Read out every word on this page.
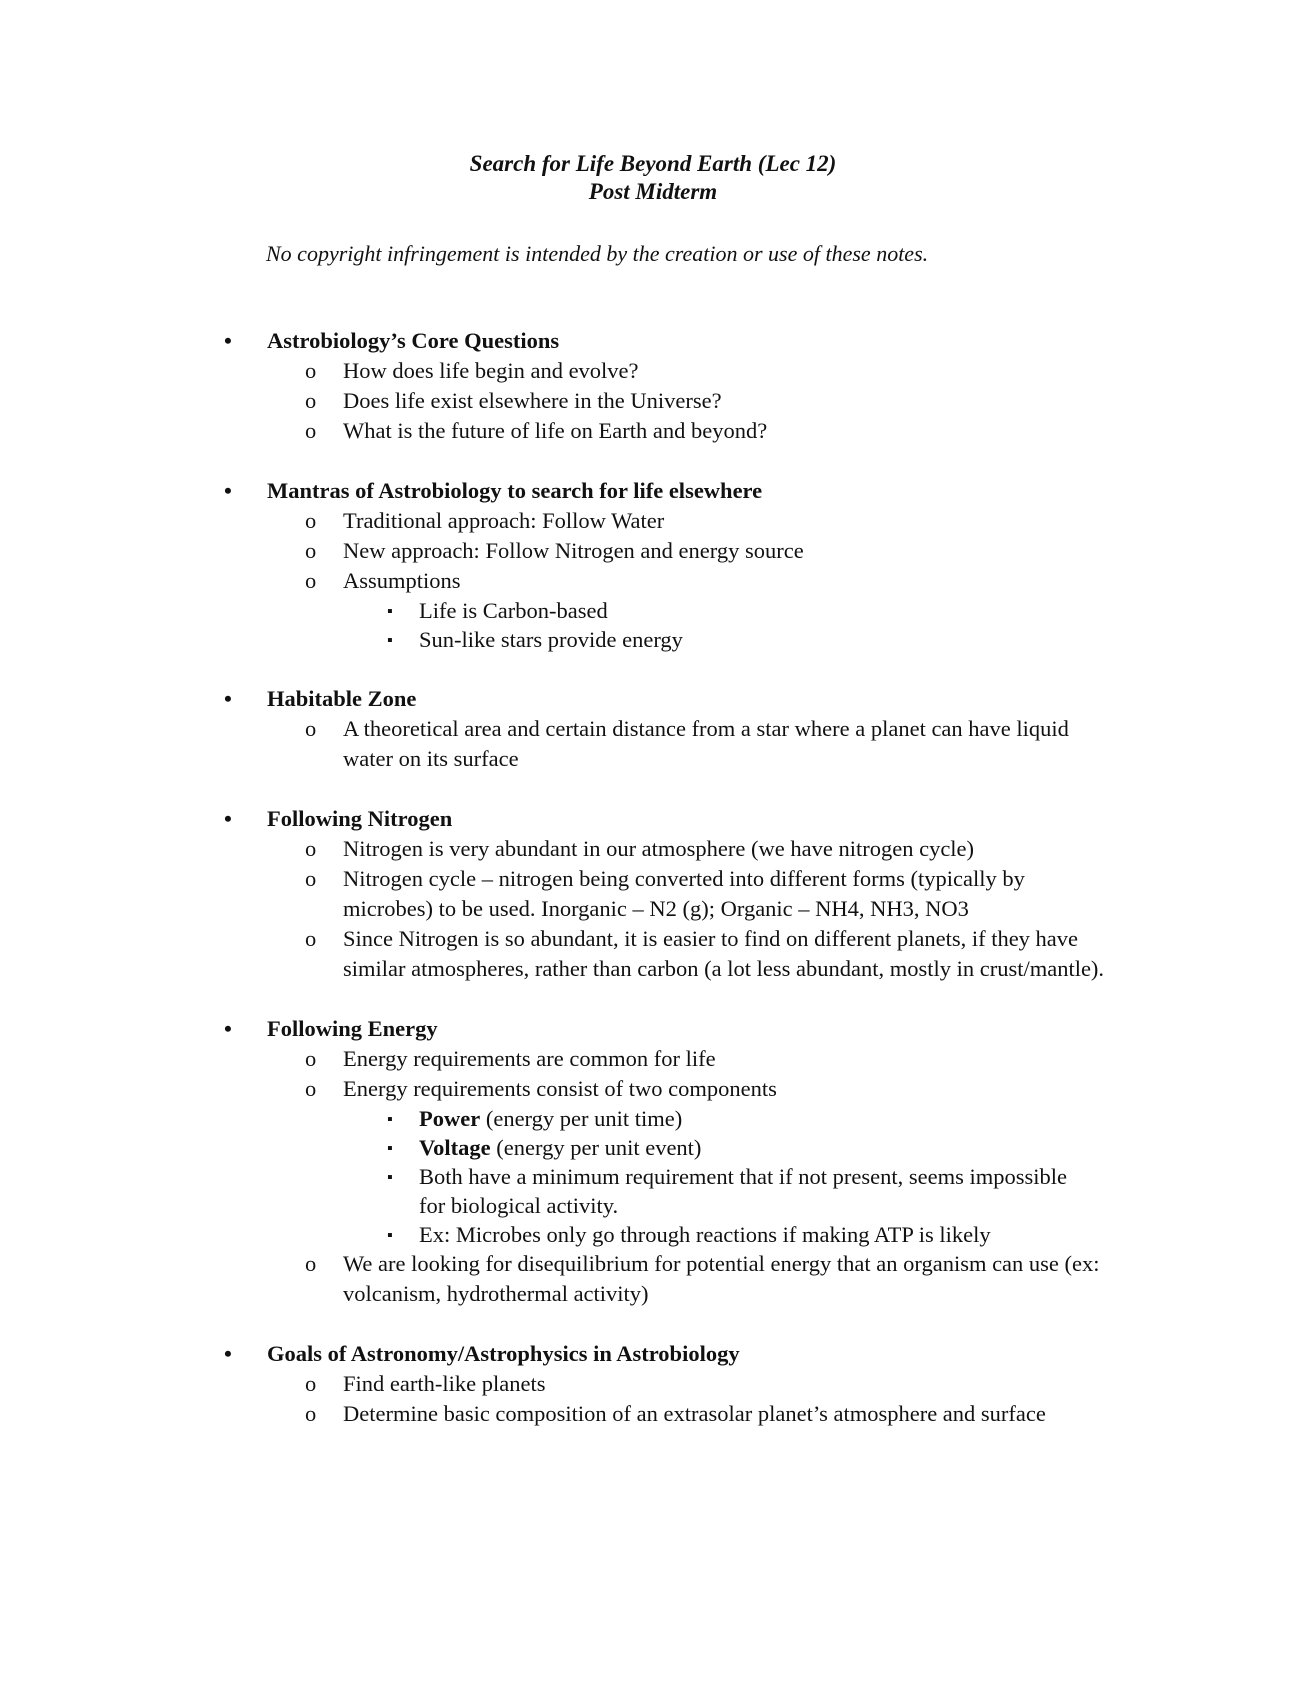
Search for Life Beyond Earth (Lec 12)
Post Midterm
No copyright infringement is intended by the creation or use of these notes.
• Astrobiology’s Core Questions
o How does life begin and evolve?
o Does life exist elsewhere in the Universe?
o What is the future of life on Earth and beyond?
• Mantras of Astrobiology to search for life elsewhere
o Traditional approach: Follow Water
o New approach: Follow Nitrogen and energy source
o Assumptions
▪ Life is Carbon-based
▪ Sun-like stars provide energy
• Habitable Zone
o A theoretical area and certain distance from a star where a planet can have liquid water on its surface
• Following Nitrogen
o Nitrogen is very abundant in our atmosphere (we have nitrogen cycle)
o Nitrogen cycle – nitrogen being converted into different forms (typically by microbes) to be used. Inorganic – N2 (g); Organic – NH4, NH3, NO3
o Since Nitrogen is so abundant, it is easier to find on different planets, if they have similar atmospheres, rather than carbon (a lot less abundant, mostly in crust/mantle).
• Following Energy
o Energy requirements are common for life
o Energy requirements consist of two components
▪ Power (energy per unit time)
▪ Voltage (energy per unit event)
▪ Both have a minimum requirement that if not present, seems impossible for biological activity.
▪ Ex: Microbes only go through reactions if making ATP is likely
o We are looking for disequilibrium for potential energy that an organism can use (ex: volcanism, hydrothermal activity)
• Goals of Astronomy/Astrophysics in Astrobiology
o Find earth-like planets
o Determine basic composition of an extrasolar planet’s atmosphere and surface
